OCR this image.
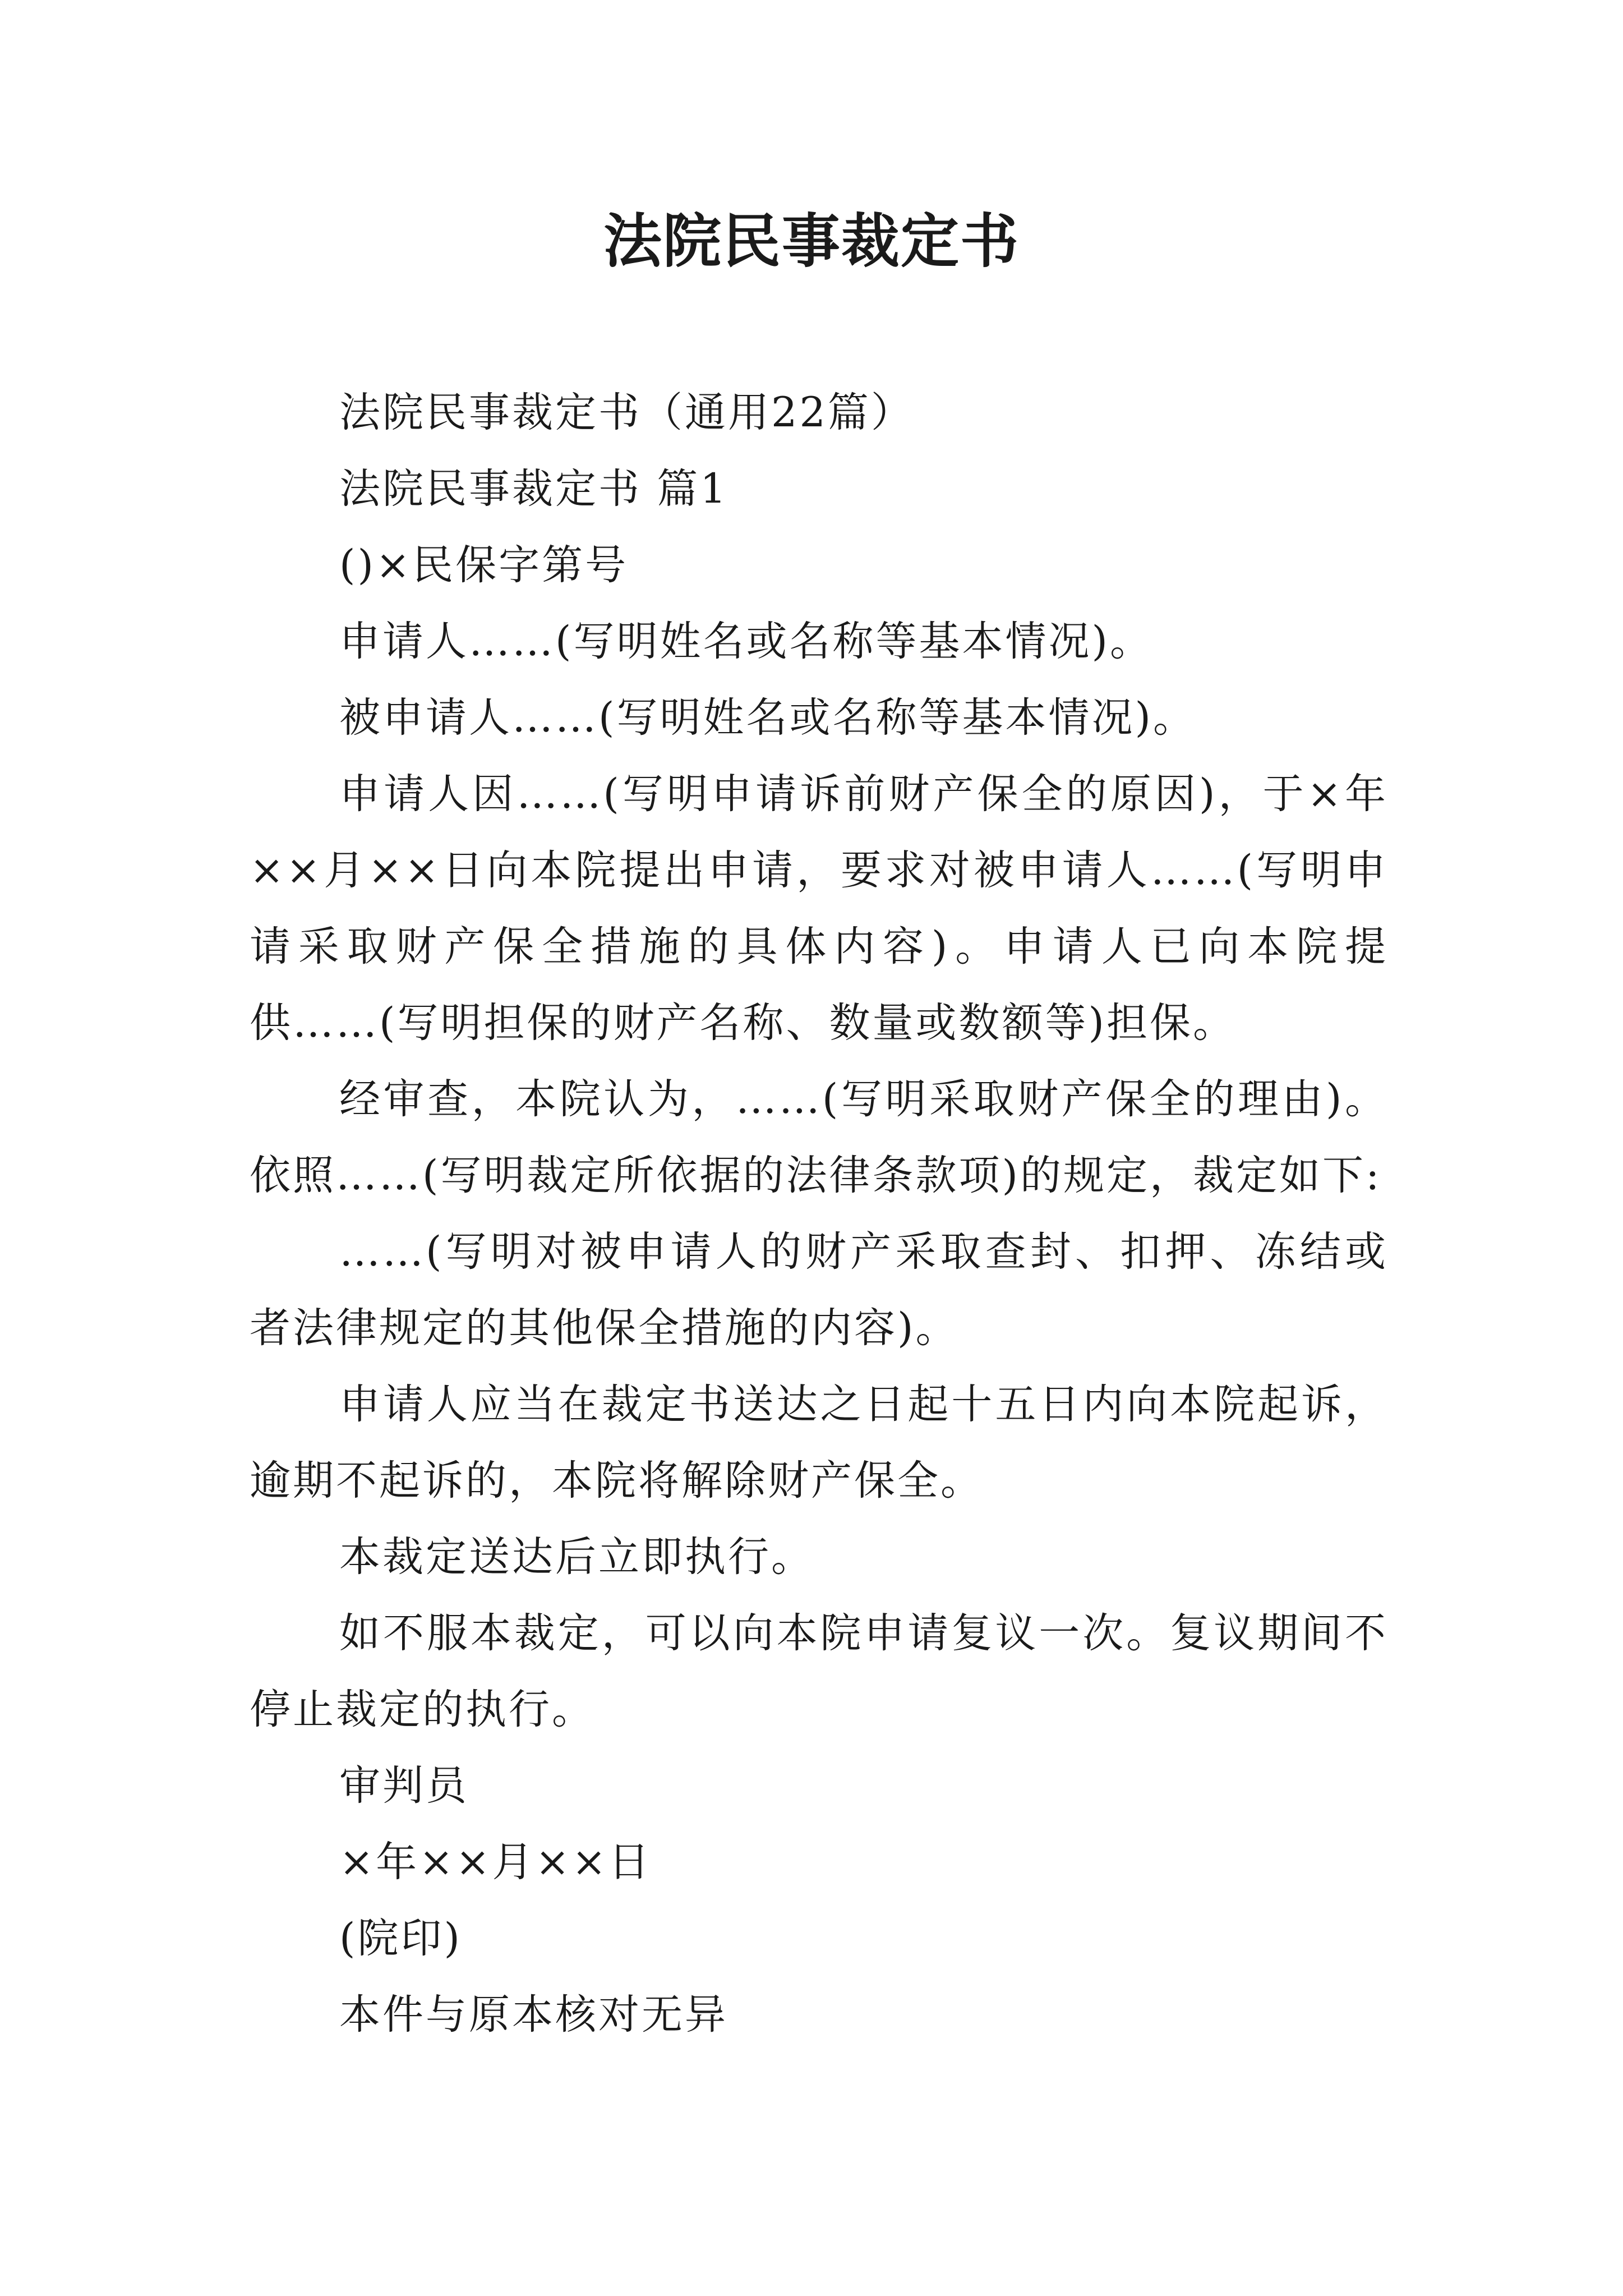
法院民事裁定书

法院民事裁定书（通用22篇）

法院民事裁定书 篇1

()×民保字第号

申请人……(写明姓名或名称等基本情况)。

被申请人……(写明姓名或名称等基本情况)。

申请人因……(写明申请诉前财产保全的原因)，于×年××月××日向本院提出申请，要求对被申请人……(写明申请采取财产保全措施的具体内容)。申请人已向本院提供……(写明担保的财产名称、数量或数额等)担保。

经审查，本院认为，……(写明采取财产保全的理由)。依照……(写明裁定所依据的法律条款项)的规定，裁定如下:

……(写明对被申请人的财产采取查封、扣押、冻结或者法律规定的其他保全措施的内容)。

申请人应当在裁定书送达之日起十五日内向本院起诉，逾期不起诉的，本院将解除财产保全。

本裁定送达后立即执行。

如不服本裁定，可以向本院申请复议一次。复议期间不停止裁定的执行。

审判员

×年××月××日

(院印)

本件与原本核对无异
